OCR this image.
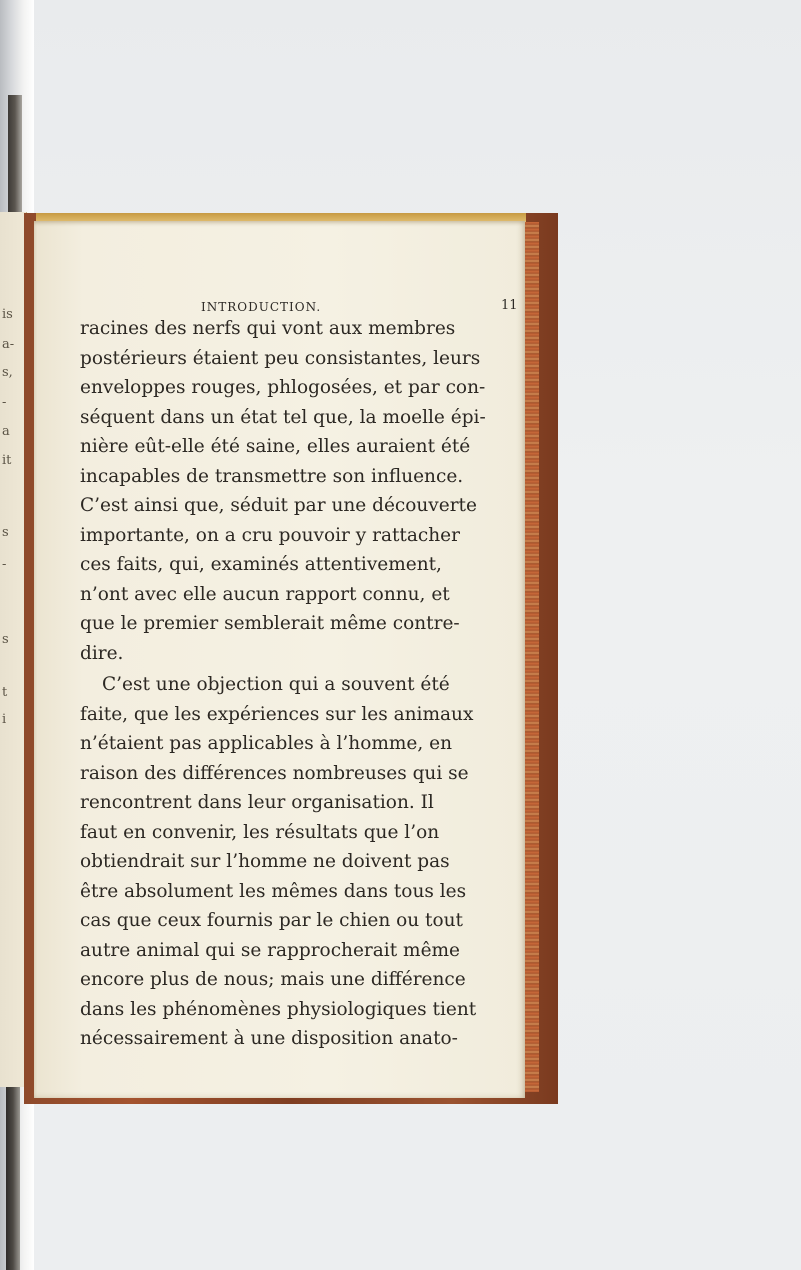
is
a-
s,
-
a
it
s
-
s
t
i
INTRODUCTION.	11
racines des nerfs qui vont aux membres
postérieurs étaient peu consistantes, leurs
enveloppes rouges, phlogosées, et par con-
séquent dans un état tel que, la moelle épi-
nière eût-elle été saine, elles auraient été
incapables de transmettre son influence.
C’est ainsi que, séduit par une découverte
importante, on a cru pouvoir y rattacher
ces faits, qui, examinés attentivement,
n’ont avec elle aucun rapport connu, et
que le premier semblerait même contre-
dire.
C’est une objection qui a souvent été
faite, que les expériences sur les animaux
n’étaient pas applicables à l’homme, en
raison des différences nombreuses qui se
rencontrent dans leur organisation. Il
faut en convenir, les résultats que l’on
obtiendrait sur l’homme ne doivent pas
être absolument les mêmes dans tous les
cas que ceux fournis par le chien ou tout
autre animal qui se rapprocherait même
encore plus de nous; mais une différence
dans les phénomènes physiologiques tient
nécessairement à une disposition anato-
